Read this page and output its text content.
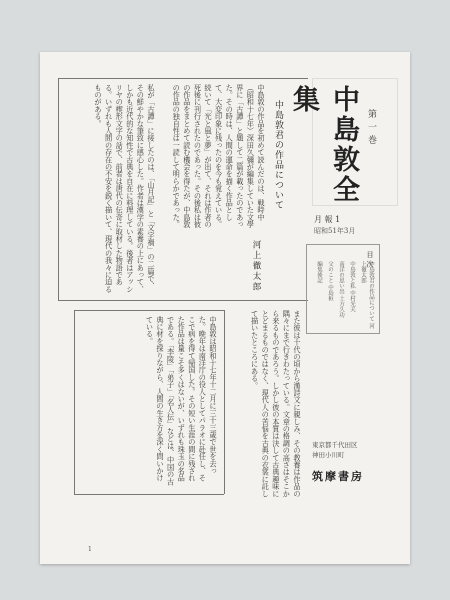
中島敦全集
第一巻
月 報 1
昭和51年3月
中島敦君の作品について
河上徹太郎
中島敦の作品を初めて読んだのは、戦時中（昭和十七年）深田久彌が編集していた文學界に「古譚」と題して二篇が載ったのであった。その時は、人間の運命を描く作品として、大変印象に残ったのを今も覚えている。続いて「光と風と夢」が出て、それは作者の死後に刊行されたのであった。その後私は彼の作品をまとめて読む機会を得たが、中島敦の作品の独自性は一読して明らかであった。
私が「古譚」に接したのは、「山月記」と「文字禍」の二篇で、その鮮やかな筆致に感心した。作者は漢学の素養の上にあって、しかも近代的な知性で古典を自在に料理している。後者はアッシリヤの楔形文字の話で、前者は唐代の伝奇に取材した物語である。いずれも人間の存在の不安を鋭く描いて、現代の我々に迫るものがある。
また彼は十代の頃から漢詩文に親しみ、その教養は作品の隅々にまで行きわたっている。文章の格調の高さはそこから来るものであろう。しかし彼の本質は決して古典趣味にとどまるものではなく、現代人の苦悩を古典の衣裳に託して描いたところにある。
中島敦は昭和十七年十二月に三十三歳で世を去った。晩年は南洋庁の役人としてパラオに赴任し、そこで病を得て帰国した。その短い生涯の間に残された作品は量こそ多くはないが、いずれも珠玉の名品である。「李陵」「弟子」「名人伝」などは、中国の古典に材を採りながら、人間の生き方を深く問いかけている。
目 次
中島敦君の作品について 河上徹太郎
中島敦と私 中村光夫
南洋の思い出 土方久功
父のこと 中島桓
編集後記
東京都千代田区
神田小川町
筑摩書房
1
